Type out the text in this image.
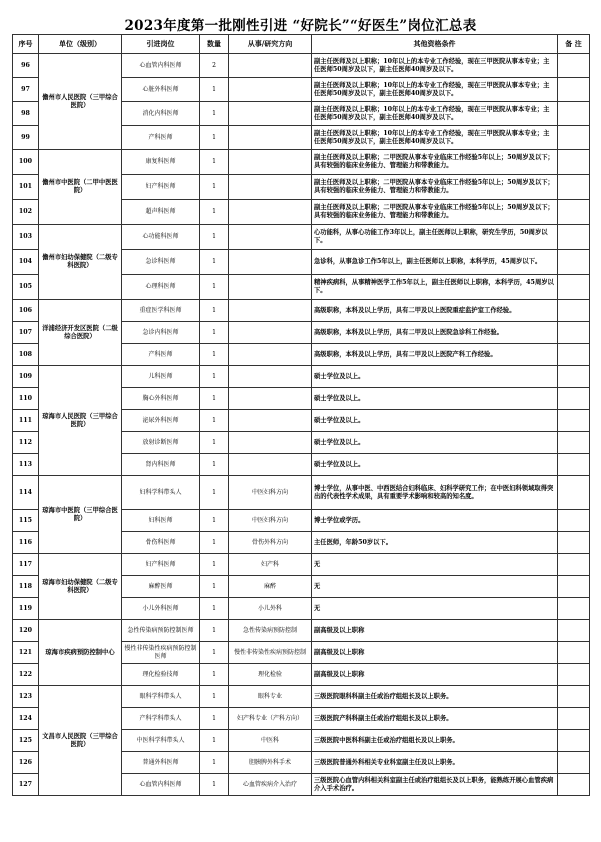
2023年度第一批刚性引进 “好院长”“好医生”岗位汇总表
序号	单位（级别）	引进岗位	数量	从事/研究方向	其他资格条件	备 注
96	儋州市人民医院（三甲综合医院）	心血管内科医师	2		副主任医师及以上职称；10年以上的本专业工作经验，现在三甲医院从事本专业；主任医师50周岁及以下，副主任医师40周岁及以下。	
97		心脏外科医师	1		副主任医师及以上职称；10年以上的本专业工作经验，现在三甲医院从事本专业；主任医师50周岁及以下，副主任医师40周岁及以下。	
98		消化内科医师	1		副主任医师及以上职称；10年以上的本专业工作经验，现在三甲医院从事本专业；主任医师50周岁及以下，副主任医师40周岁及以下。	
99		产科医师	1		副主任医师及以上职称；10年以上的本专业工作经验，现在三甲医院从事本专业；主任医师50周岁及以下，副主任医师40周岁及以下。	
100	儋州市中医院（二甲中医医院）	康复科医师	1		副主任医师及以上职称；二甲医院从事本专业临床工作经验5年以上；50周岁及以下；具有较强的临床业务能力、管理能力和带教能力。	
101		妇产科医师	1		副主任医师及以上职称；二甲医院从事本专业临床工作经验5年以上；50周岁及以下；具有较强的临床业务能力、管理能力和带教能力。	
102		超声科医师	1		副主任医师及以上职称；二甲医院从事本专业临床工作经验5年以上；50周岁及以下；具有较强的临床业务能力、管理能力和带教能力。	
103	儋州市妇幼保健院（二级专科医院）	心功能科医师	1		心功能科，从事心功能工作3年以上，副主任医师以上职称，研究生学历，50周岁以下。	
104		急诊科医师	1		急诊科，从事急诊工作5年以上，副主任医师以上职称，本科学历，45周岁以下。	
105		心理科医师	1		精神疾病科，从事精神医学工作5年以上，副主任医师以上职称，本科学历，45周岁以下。	
106	洋浦经济开发区医院（二级综合医院）	重症医学科医师	1		高级职称，本科及以上学历，具有二甲及以上医院重症监护室工作经验。	
107		急诊内科医师	1		高级职称，本科及以上学历，具有二甲及以上医院急诊科工作经验。	
108		产科医师	1		高级职称，本科及以上学历，具有二甲及以上医院产科工作经验。	
109	琼海市人民医院（三甲综合医院）	儿科医师	1		硕士学位及以上。	
110		胸心外科医师	1		硕士学位及以上。	
111		泌尿外科医师	1		硕士学位及以上。	
112		放射诊断医师	1		硕士学位及以上。	
113		肾内科医师	1		硕士学位及以上。	
114	琼海市中医院（三甲综合医院）	妇科学科带头人	1	中医妇科方向	博士学位，从事中医、中西医结合妇科临床、妇科学研究工作；在中医妇科领域取得突出的代表性学术成果，具有重要学术影响和较高的知名度。	
115		妇科医师	1	中医妇科方向	博士学位或学历。	
116		骨伤科医师	1	骨伤外科方向	主任医师，年龄50岁以下。	
117	琼海市妇幼保健院（二级专科医院）	妇产科医师	1	妇产科	无	
118		麻醉医师	1	麻醉	无	
119		小儿外科医师	1	小儿外科	无	
120	琼海市疾病预防控制中心	急性传染病预防控制医师	1	急性传染病预防控制	副高级及以上职称	
121		慢性非传染性疾病预防控制医师	1	慢性非传染性疾病预防控制	副高级及以上职称	
122		理化检验技师	1	理化检验	副高级及以上职称	
123	文昌市人民医院（三甲综合医院）	眼科学科带头人	1	眼科专业	三级医院眼科科副主任或治疗组组长及以上职务。	
124		产科学科带头人	1	妇产科专业（产科方向）	三级医院产科科副主任或治疗组组长及以上职务。	
125		中医科学科带头人	1	中医科	三级医院中医科科副主任或治疗组组长及以上职务。	
126		普通外科医师	1	胆胰脾外科手术	三级医院普通外科相关专业科室副主任及以上职务。	
127		心血管内科医师	1	心血管疾病介入治疗	三级医院心血管内科相关科室副主任或治疗组组长及以上职务，能熟练开展心血管疾病介入手术治疗。	
